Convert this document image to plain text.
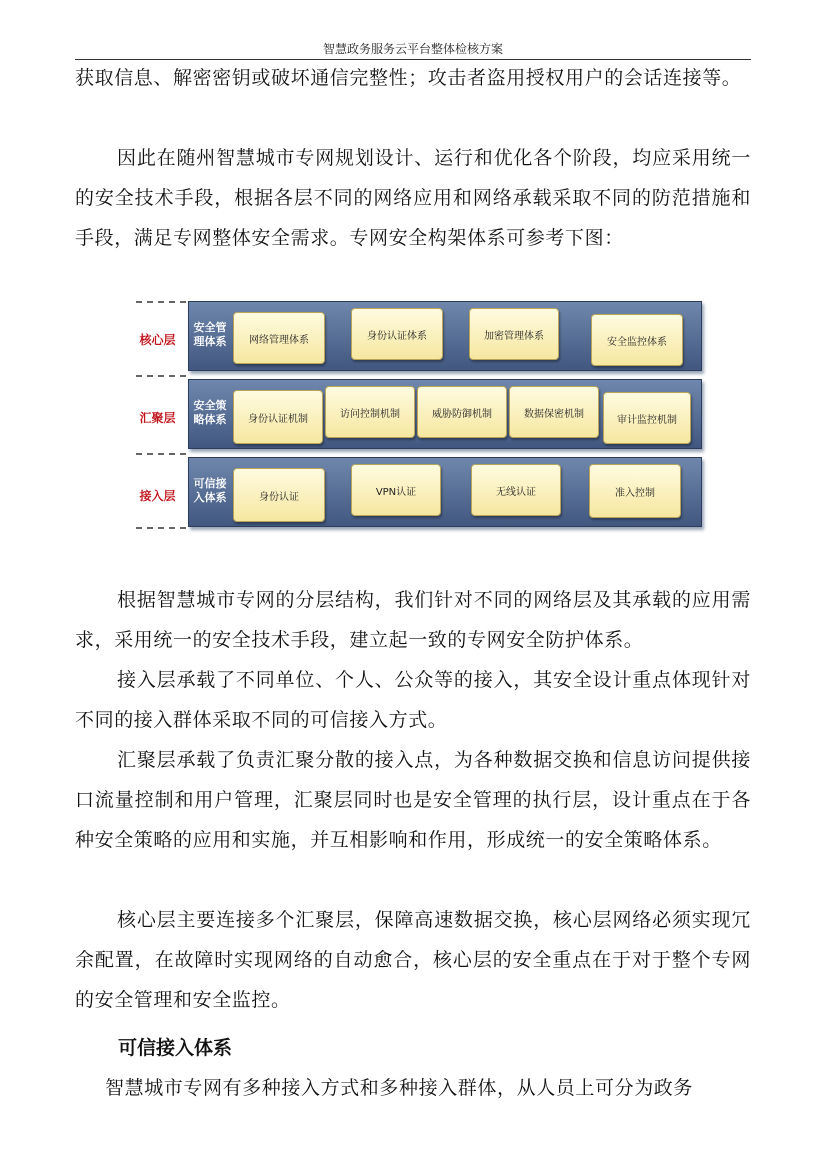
智慧政务服务云平台整体检核方案

获取信息、解密密钥或破坏通信完整性；攻击者盗用授权用户的会话连接等。

因此在随州智慧城市专网规划设计、运行和优化各个阶段，均应采用统一的安全技术手段，根据各层不同的网络应用和网络承载采取不同的防范措施和手段，满足专网整体安全需求。专网安全构架体系可参考下图：

核心层
安全管理体系	网络管理体系	身份认证体系	加密管理体系
安全监控体系
汇聚层
安全策略体系	身份认证机制	访问控制机制	威胁防御机制	数据保密机制
审计监控机制
接入层
可信接入体系	身份认证	VPN认证	无线认证	准入控制

根据智慧城市专网的分层结构，我们针对不同的网络层及其承载的应用需求，采用统一的安全技术手段，建立起一致的专网安全防护体系。

接入层承载了不同单位、个人、公众等的接入，其安全设计重点体现针对不同的接入群体采取不同的可信接入方式。

汇聚层承载了负责汇聚分散的接入点，为各种数据交换和信息访问提供接口流量控制和用户管理，汇聚层同时也是安全管理的执行层，设计重点在于各种安全策略的应用和实施，并互相影响和作用，形成统一的安全策略体系。

核心层主要连接多个汇聚层，保障高速数据交换，核心层网络必须实现冗余配置，在故障时实现网络的自动愈合，核心层的安全重点在于对于整个专网的安全管理和安全监控。

可信接入体系

智慧城市专网有多种接入方式和多种接入群体，从人员上可分为政务
